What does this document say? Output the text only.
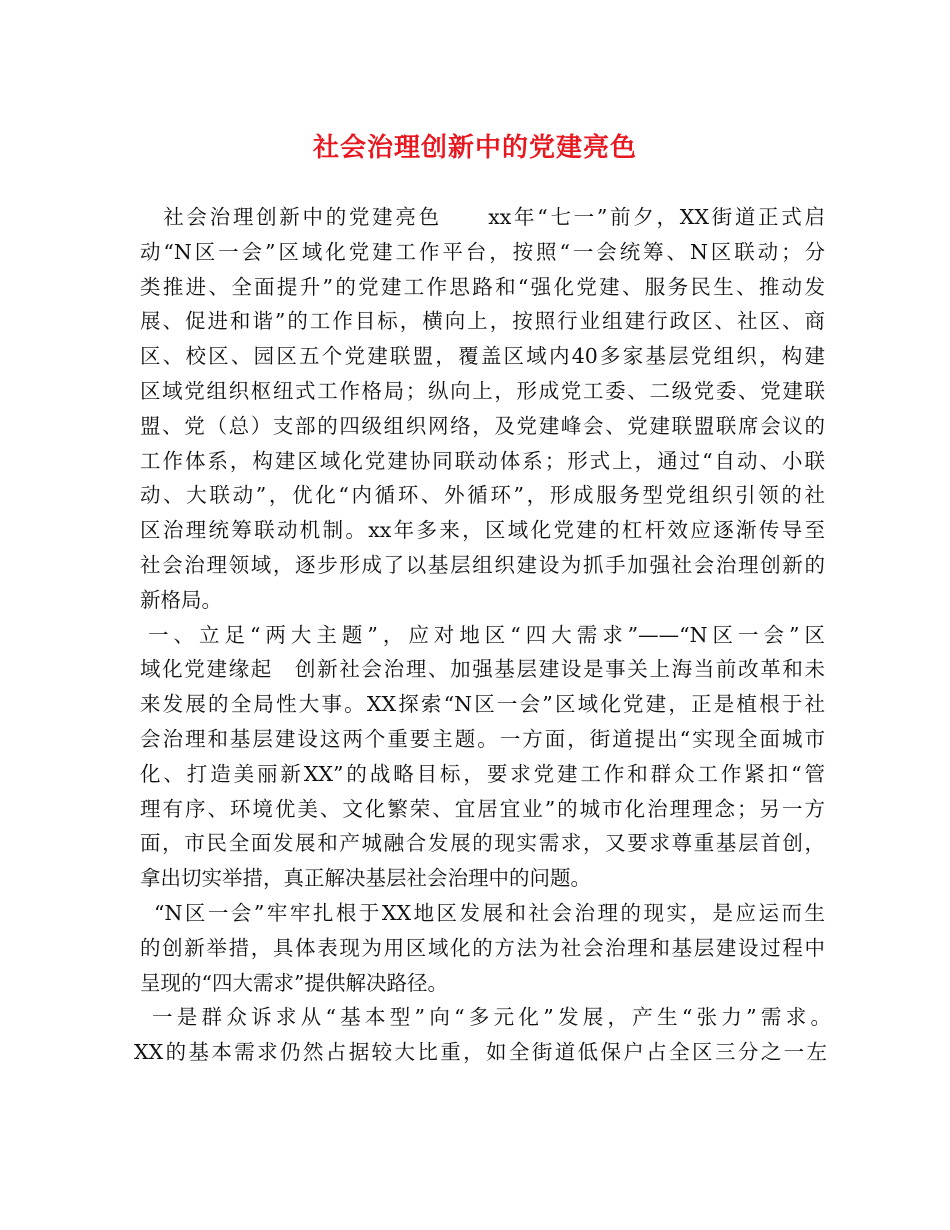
社会治理创新中的党建亮色
　社会治理创新中的党建亮色　　xx年“七一”前夕，XX街道正式启
动“N区一会”区域化党建工作平台，按照“一会统筹、N区联动；分
类推进、全面提升”的党建工作思路和“强化党建、服务民生、推动发
展、促进和谐”的工作目标，横向上，按照行业组建行政区、社区、商
区、校区、园区五个党建联盟，覆盖区域内40多家基层党组织，构建
区域党组织枢纽式工作格局；纵向上，形成党工委、二级党委、党建联
盟、党（总）支部的四级组织网络，及党建峰会、党建联盟联席会议的
工作体系，构建区域化党建协同联动体系；形式上，通过“自动、小联
动、大联动”，优化“内循环、外循环”，形成服务型党组织引领的社
区治理统筹联动机制。xx年多来，区域化党建的杠杆效应逐渐传导至
社会治理领域，逐步形成了以基层组织建设为抓手加强社会治理创新的
新格局。
一、立足“两大主题”，应对地区“四大需求”——“N区一会”区
域化党建缘起　创新社会治理、加强基层建设是事关上海当前改革和未
来发展的全局性大事。XX探索“N区一会”区域化党建，正是植根于社
会治理和基层建设这两个重要主题。一方面，街道提出“实现全面城市
化、打造美丽新XX”的战略目标，要求党建工作和群众工作紧扣“管
理有序、环境优美、文化繁荣、宜居宜业”的城市化治理理念；另一方
面，市民全面发展和产城融合发展的现实需求，又要求尊重基层首创，
拿出切实举措，真正解决基层社会治理中的问题。
“N区一会”牢牢扎根于XX地区发展和社会治理的现实，是应运而生
的创新举措，具体表现为用区域化的方法为社会治理和基层建设过程中
呈现的“四大需求”提供解决路径。
一是群众诉求从“基本型”向“多元化”发展，产生“张力”需求。
XX的基本需求仍然占据较大比重，如全街道低保户占全区三分之一左
